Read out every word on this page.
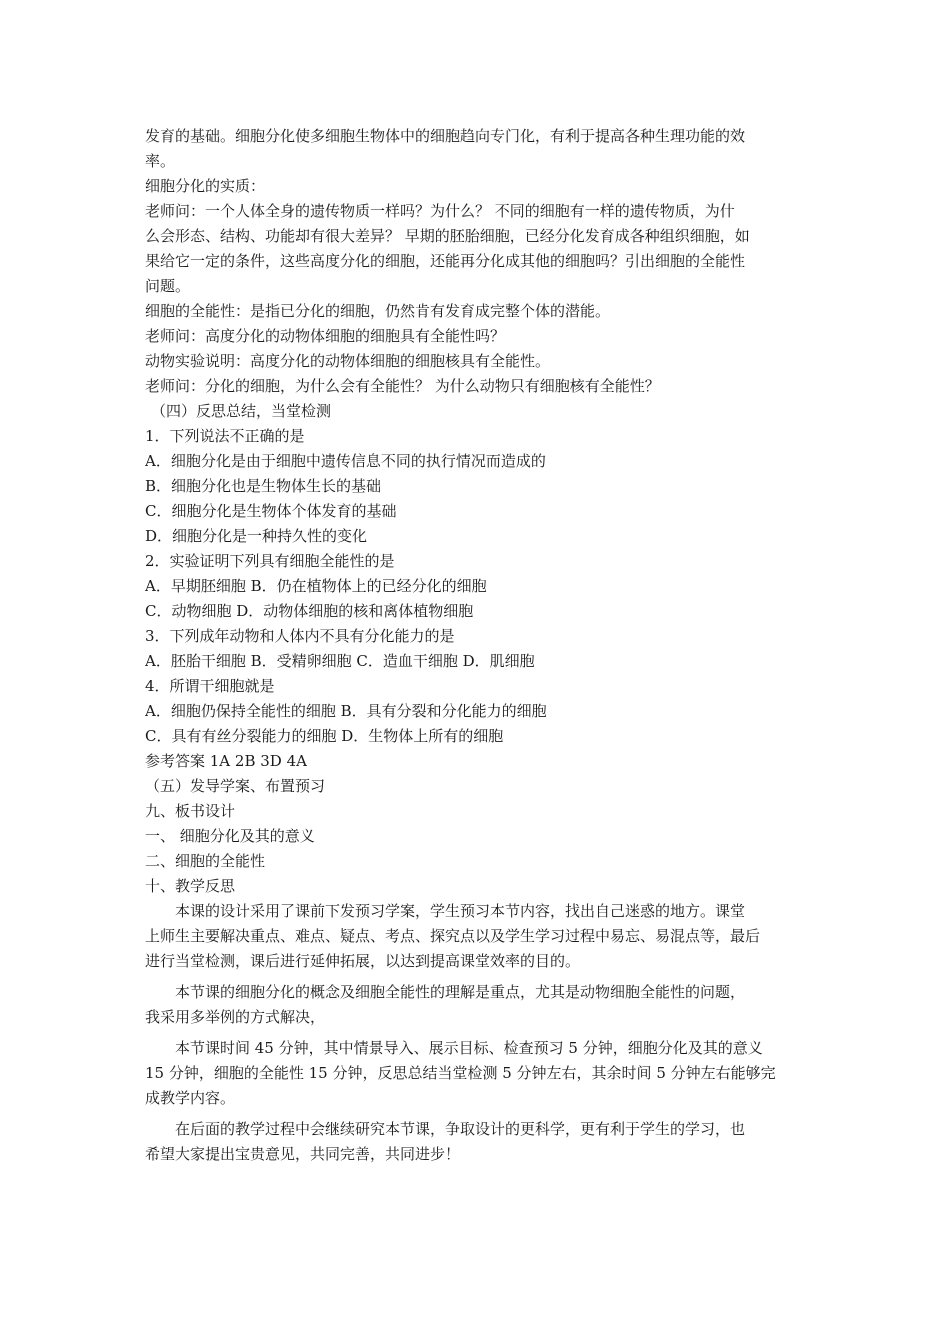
发育的基础。细胞分化使多细胞生物体中的细胞趋向专门化，有利于提高各种生理功能的效
率。
细胞分化的实质：
老师问：一个人体全身的遗传物质一样吗？为什么？ 不同的细胞有一样的遗传物质，为什
么会形态、结构、功能却有很大差异？ 早期的胚胎细胞，已经分化发育成各种组织细胞，如
果给它一定的条件，这些高度分化的细胞，还能再分化成其他的细胞吗？引出细胞的全能性
问题。
细胞的全能性：是指已分化的细胞，仍然肯有发育成完整个体的潜能。
老师问：高度分化的动物体细胞的细胞具有全能性吗？
动物实验说明：高度分化的动物体细胞的细胞核具有全能性。
老师问：分化的细胞，为什么会有全能性？ 为什么动物只有细胞核有全能性？
（四）反思总结，当堂检测
1．下列说法不正确的是
A．细胞分化是由于细胞中遗传信息不同的执行情况而造成的
B．细胞分化也是生物体生长的基础
C．细胞分化是生物体个体发育的基础
D．细胞分化是一种持久性的变化
2．实验证明下列具有细胞全能性的是
A．早期胚细胞 B．仍在植物体上的已经分化的细胞
C．动物细胞 D．动物体细胞的核和离体植物细胞
3．下列成年动物和人体内不具有分化能力的是
A．胚胎干细胞 B．受精卵细胞 C．造血干细胞 D．肌细胞
4．所谓干细胞就是
A．细胞仍保持全能性的细胞 B．具有分裂和分化能力的细胞
C．具有有丝分裂能力的细胞 D．生物体上所有的细胞
参考答案 1A 2B 3D 4A
（五）发导学案、布置预习
九、板书设计
一、 细胞分化及其的意义
二、细胞的全能性
十、教学反思
本课的设计采用了课前下发预习学案，学生预习本节内容，找出自己迷惑的地方。课堂
上师生主要解决重点、难点、疑点、考点、探究点以及学生学习过程中易忘、易混点等，最后
进行当堂检测，课后进行延伸拓展，以达到提高课堂效率的目的。
本节课的细胞分化的概念及细胞全能性的理解是重点，尤其是动物细胞全能性的问题，
我采用多举例的方式解决，
本节课时间 45 分钟，其中情景导入、展示目标、检查预习 5 分钟，细胞分化及其的意义
15 分钟，细胞的全能性 15 分钟，反思总结当堂检测 5 分钟左右，其余时间 5 分钟左右能够完
成教学内容。
在后面的教学过程中会继续研究本节课，争取设计的更科学，更有利于学生的学习，也
希望大家提出宝贵意见，共同完善，共同进步！
